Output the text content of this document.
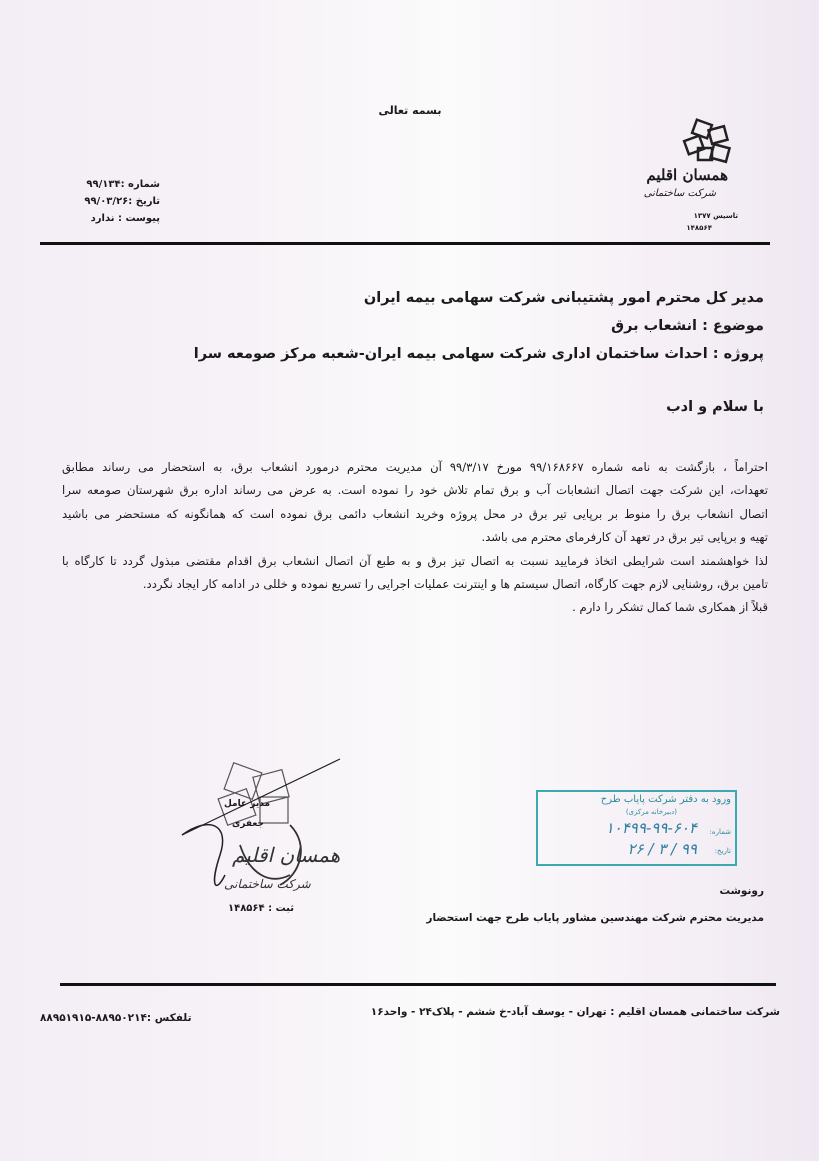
بسمه تعالی
همسان اقلیم
شرکت ساختمانی
تاسیس ۱۳۷۷
۱۴۸۵۶۴
شماره :۹۹/۱۳۴
تاریخ :۹۹/۰۳/۲۶
پیوست : ندارد
مدیر کل محترم امور پشتیبانی شرکت سهامی بیمه ایران
موضوع : انشعاب برق
پروژه : احداث ساختمان اداری شرکت سهامی بیمه ایران-شعبه مرکز صومعه سرا
با سلام و ادب
احتراماً ، بازگشت به نامه شماره ۹۹/۱۶۸۶۶۷ مورخ ۹۹/۳/۱۷ آن مدیریت محترم درمورد انشعاب برق، به استحضار می رساند مطابق
تعهدات، این شرکت جهت اتصال انشعابات آب و برق تمام تلاش خود را نموده است. به عرض می رساند اداره برق شهرستان صومعه سرا
اتصال انشعاب برق را منوط بر برپایی تیر برق در محل پروژه وخرید انشعاب دائمی برق نموده است که همانگونه که مستحضر می باشید
تهیه و برپایی تیر برق در تعهد آن کارفرمای محترم می باشد.
لذا خواهشمند است شرایطی اتخاذ فرمایید نسبت به اتصال تیز برق و به طبع آن اتصال انشعاب برق اقدام مقتضی مبذول گردد تا کارگاه با
تامین برق، روشنایی لازم جهت کارگاه، اتصال سیستم ها و اینترنت عملیات اجرایی را تسریع نموده و خللی در ادامه کار ایجاد نگردد.
قبلاً از همکاری شما کمال تشکر را دارم .
مدیر عامل
جعفری
همسان اقلیم
شرکت ساختمانی
ثبت : ۱۴۸۵۶۴
ورود به دفتر شرکت پایاب طرح
(دبیرخانه مرکزی)
شماره:
۱۰۴۹۹-۹۹-۶۰۴
تاریخ:
۹۹ / ۳ / ۲۶
رونوشت
مدیریت محترم شرکت مهندسین مشاور پایاب طرح جهت استحضار
شرکت ساختمانی همسان اقلیم : تهران - یوسف آباد-خ ششم - پلاک۲۴ - واحد۱۶
تلفکس :۸۸۹۵۰۲۱۴-۸۸۹۵۱۹۱۵
